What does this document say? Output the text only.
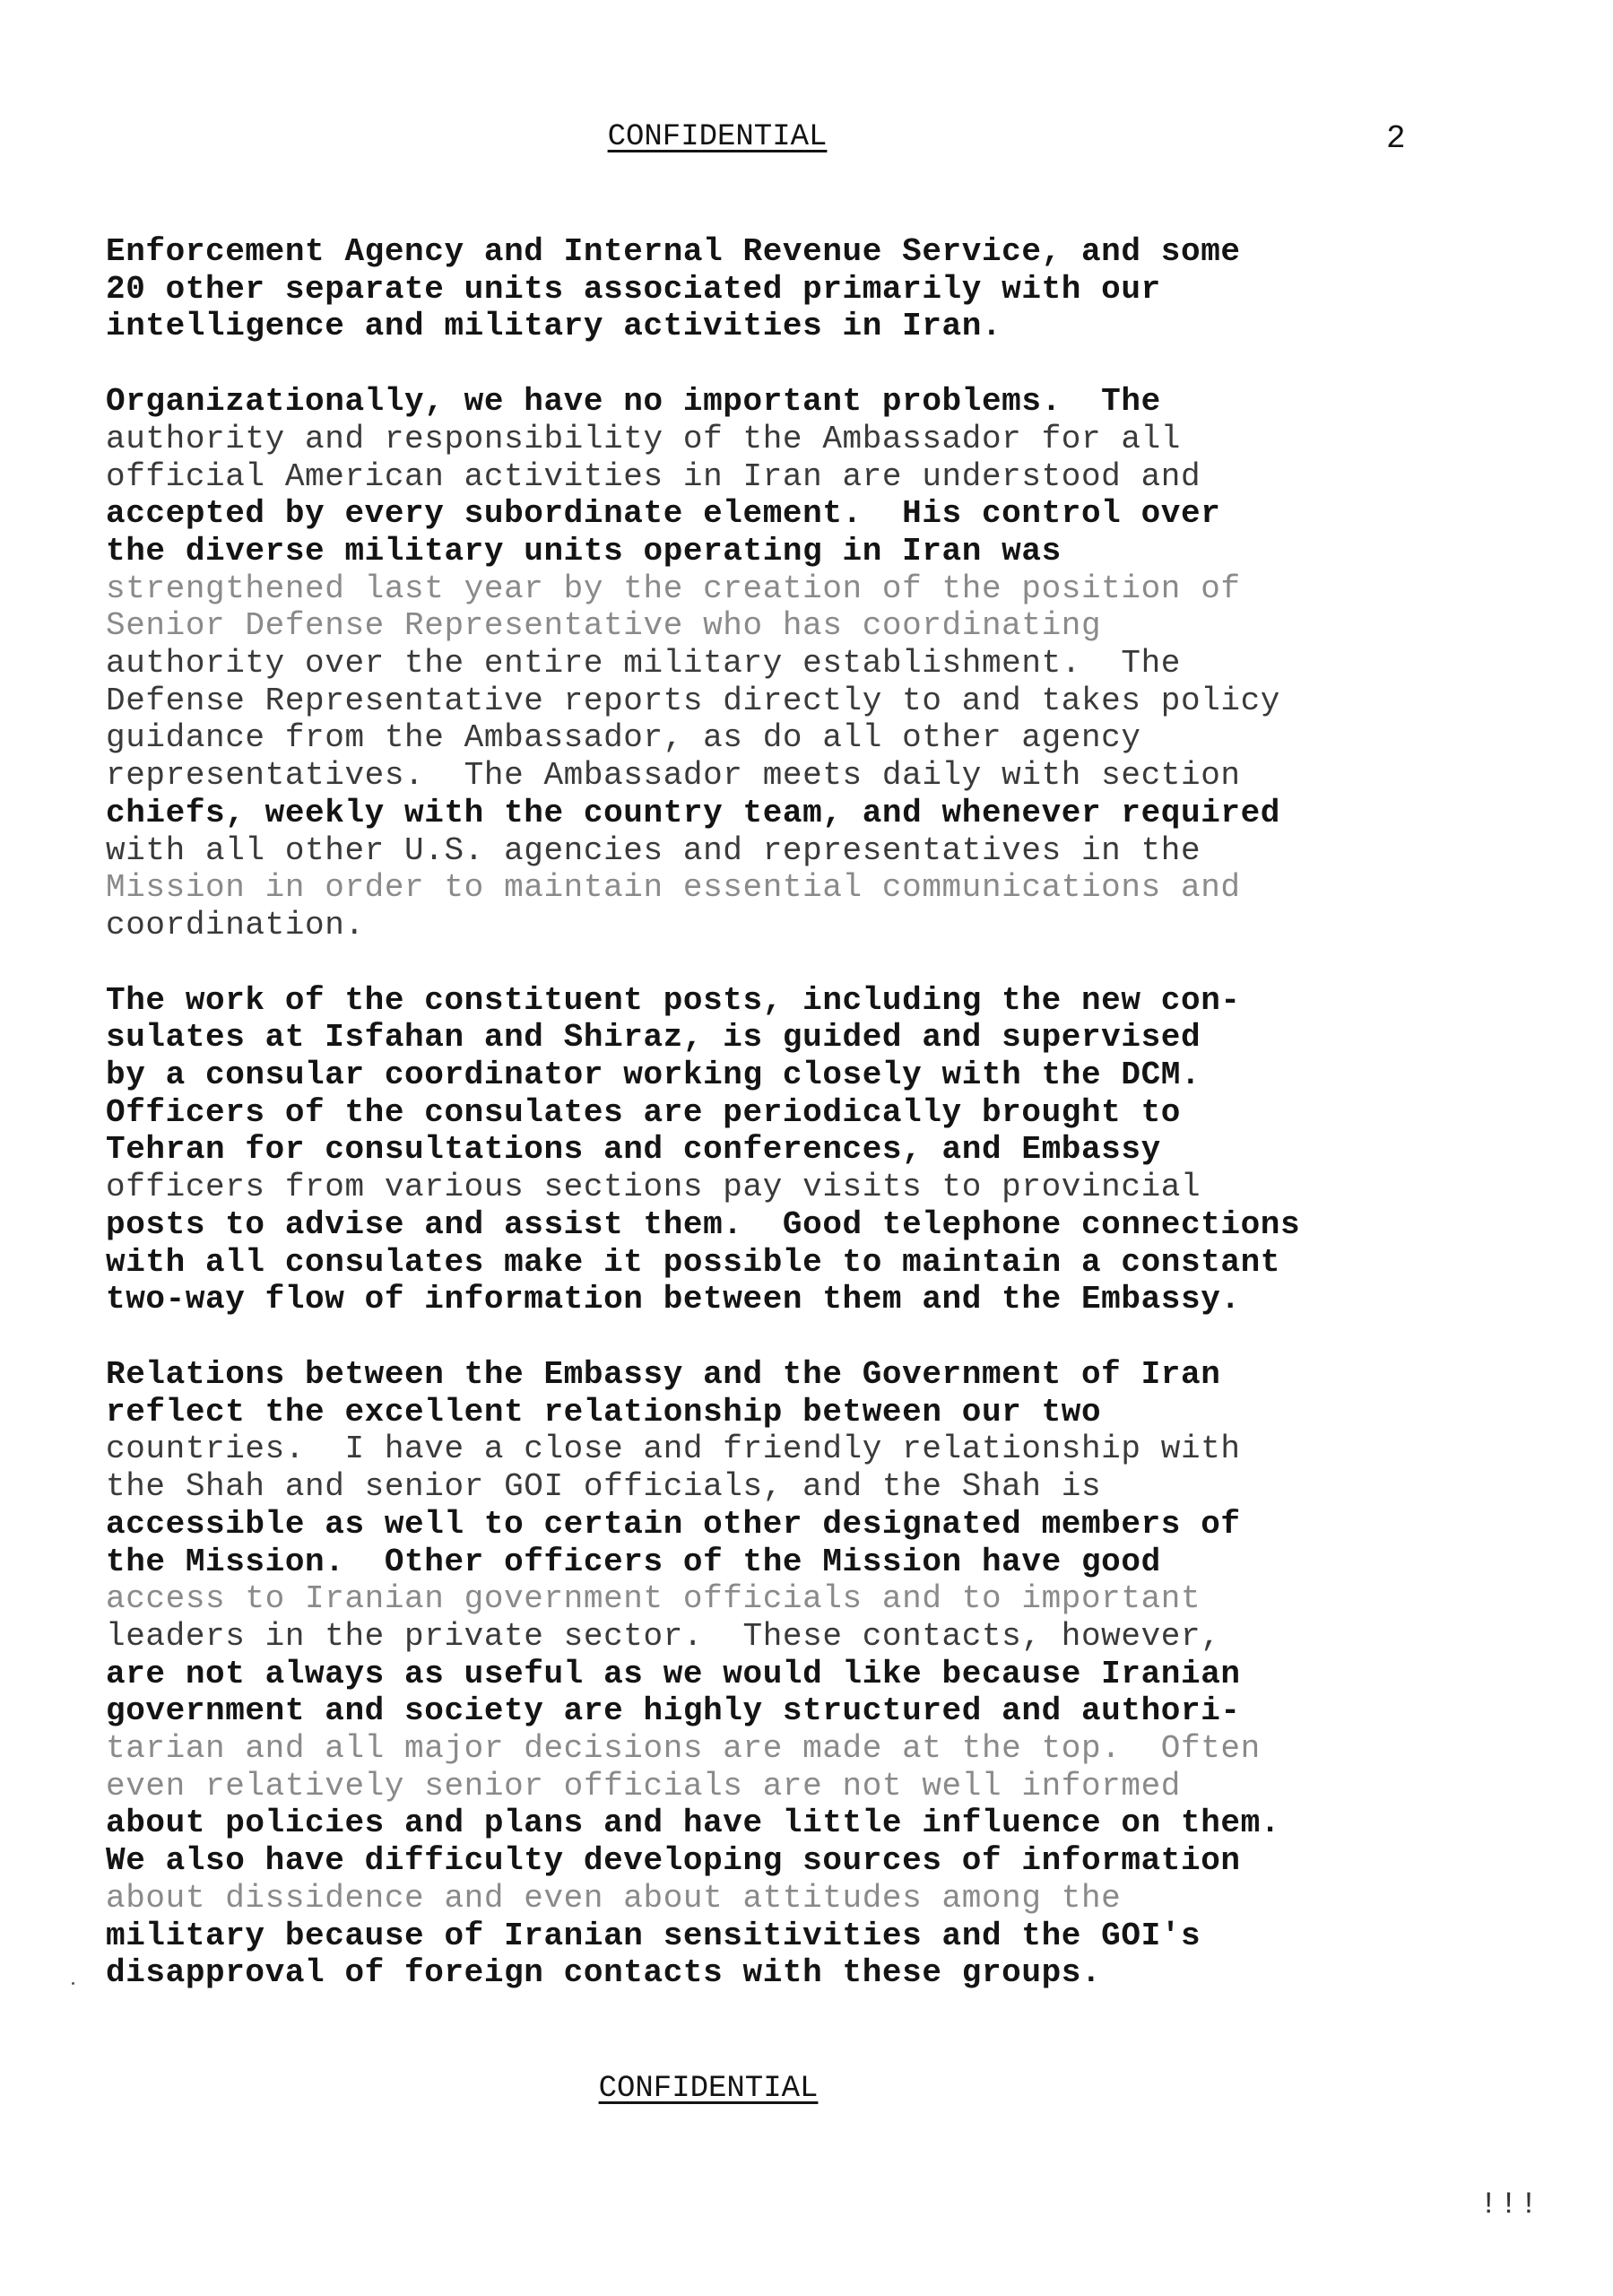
CONFIDENTIAL	2
Enforcement Agency and Internal Revenue Service, and some
20 other separate units associated primarily with our
intelligence and military activities in Iran.
Organizationally, we have no important problems.  The
authority and responsibility of the Ambassador for all
official American activities in Iran are understood and
accepted by every subordinate element.  His control over
the diverse military units operating in Iran was
strengthened last year by the creation of the position of
Senior Defense Representative who has coordinating
authority over the entire military establishment.  The
Defense Representative reports directly to and takes policy
guidance from the Ambassador, as do all other agency
representatives.  The Ambassador meets daily with section
chiefs, weekly with the country team, and whenever required
with all other U.S. agencies and representatives in the
Mission in order to maintain essential communications and
coordination.
The work of the constituent posts, including the new con-
sulates at Isfahan and Shiraz, is guided and supervised
by a consular coordinator working closely with the DCM.
Officers of the consulates are periodically brought to
Tehran for consultations and conferences, and Embassy
officers from various sections pay visits to provincial
posts to advise and assist them.  Good telephone connections
with all consulates make it possible to maintain a constant
two-way flow of information between them and the Embassy.
Relations between the Embassy and the Government of Iran
reflect the excellent relationship between our two
countries.  I have a close and friendly relationship with
the Shah and senior GOI officials, and the Shah is
accessible as well to certain other designated members of
the Mission.  Other officers of the Mission have good
access to Iranian government officials and to important
leaders in the private sector.  These contacts, however,
are not always as useful as we would like because Iranian
government and society are highly structured and authori-
tarian and all major decisions are made at the top.  Often
even relatively senior officials are not well informed
about policies and plans and have little influence on them.
We also have difficulty developing sources of information
about dissidence and even about attitudes among the
military because of Iranian sensitivities and the GOI's
disapproval of foreign contacts with these groups.
CONFIDENTIAL
!!!
